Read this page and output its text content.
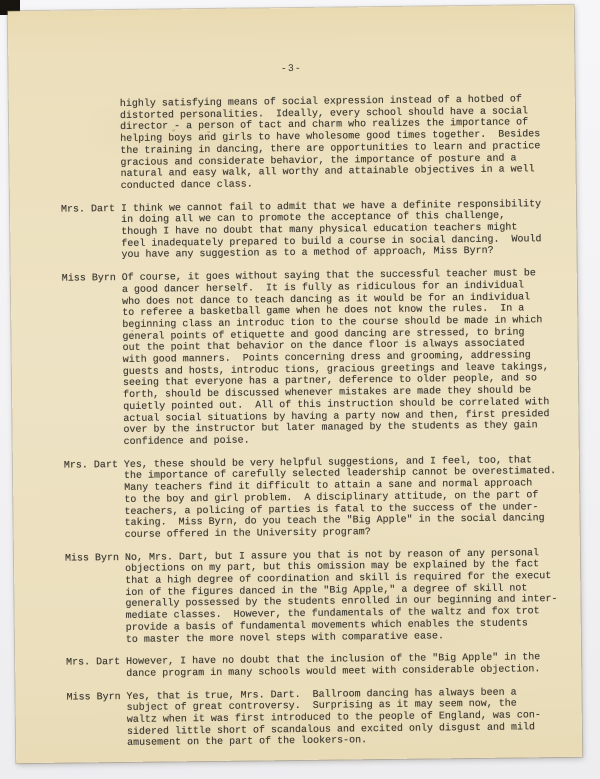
-3-
highly satisfying means of social expression instead of a hotbed of
distorted personalities.  Ideally, every school should have a social
director - a person of tact and charm who realizes the importance of
helping boys and girls to have wholesome good times together.  Besides
the training in dancing, there are opportunities to learn and practice
gracious and considerate behavior, the importance of posture and a
natural and easy walk, all worthy and attainable objectives in a well
conducted dance class.
Mrs. Dart I think we cannot fail to admit that we have a definite responsibility
in doing all we can to promote the acceptance of this challenge,
though I have no doubt that many physical education teachers might
feel inadequately prepared to build a course in social dancing.  Would
you have any suggestion as to a method of approach, Miss Byrn?
Miss Byrn Of course, it goes without saying that the successful teacher must be
a good dancer herself.  It is fully as ridiculous for an individual
who does not dance to teach dancing as it would be for an individual
to referee a basketball game when he does not know the rules.  In a
beginning class an introduc tion to the course should be made in which
general points of etiquette and good dancing are stressed, to bring
out the point that behavior on the dance floor is always associated
with good manners.  Points concerning dress and grooming, addressing
guests and hosts, introduc tions, gracious greetings and leave takings,
seeing that everyone has a partner, deference to older people, and so
forth, should be discussed whenever mistakes are made they should be
quietly pointed out.  All of this instruction should be correlated with
actual social situations by having a party now and then, first presided
over by the instructor but later managed by the students as they gain
confidence and poise.
Mrs. Dart Yes, these should be very helpful suggestions, and I feel, too, that
the importance of carefully selected leadership cannot be overestimated.
Many teachers find it difficult to attain a sane and normal approach
to the boy and girl problem.  A disciplinary attitude, on the part of
teachers, a policing of parties is fatal to the success of the under-
taking.  Miss Byrn, do you teach the "Big Apple" in the social dancing
course offered in the University program?
Miss Byrn No, Mrs. Dart, but I assure you that is not by reason of any personal
objections on my part, but this omission may be explained by the fact
that a high degree of coordination and skill is required for the execut
ion of the figures danced in the "Big Apple," a degree of skill not
generally possessed by the students enrolled in our beginning and inter-
mediate classes.  However, the fundamentals of the waltz and fox trot
provide a basis of fundamental movements which enables the students
to master the more novel steps with comparative ease.
Mrs. Dart However, I have no doubt that the inclusion of the "Big Apple" in the
dance program in many schools would meet with considerable objection.
Miss Byrn Yes, that is true, Mrs. Dart.  Ballroom dancing has always been a
subject of great controversy.  Surprising as it may seem now, the
waltz when it was first introduced to the people of England, was con-
sidered little short of scandalous and excited only disgust and mild
amusement on the part of the lookers-on.
